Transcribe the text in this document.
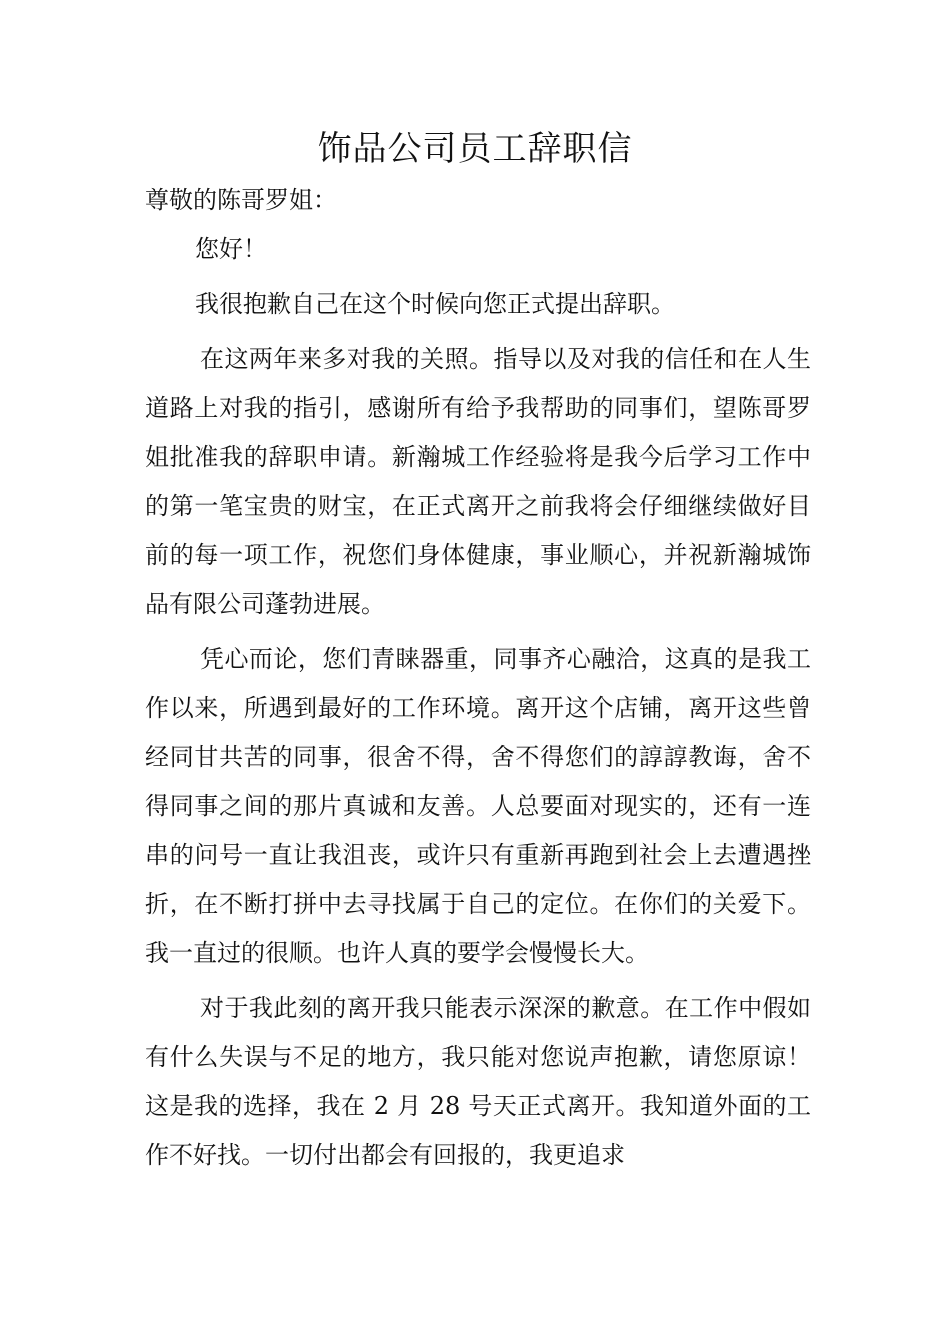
饰品公司员工辞职信

尊敬的陈哥罗姐：

您好！

我很抱歉自己在这个时候向您正式提出辞职。

在这两年来多对我的关照。指导以及对我的信任和在人生道路上对我的指引，感谢所有给予我帮助的同事们，望陈哥罗姐批准我的辞职申请。新瀚城工作经验将是我今后学习工作中的第一笔宝贵的财宝，在正式离开之前我将会仔细继续做好目前的每一项工作，祝您们身体健康，事业顺心，并祝新瀚城饰品有限公司蓬勃进展。

凭心而论，您们青睐器重，同事齐心融洽，这真的是我工作以来，所遇到最好的工作环境。离开这个店铺，离开这些曾经同甘共苦的同事，很舍不得，舍不得您们的諄諄教诲，舍不得同事之间的那片真诚和友善。人总要面对现实的，还有一连串的问号一直让我沮丧，或许只有重新再跑到社会上去遭遇挫折，在不断打拼中去寻找属于自己的定位。在你们的关爱下。我一直过的很顺。也许人真的要学会慢慢长大。

对于我此刻的离开我只能表示深深的歉意。在工作中假如有什么失误与不足的地方，我只能对您说声抱歉，请您原谅！这是我的选择，我在 2 月 28 号天正式离开。我知道外面的工作不好找。一切付出都会有回报的，我更追求
